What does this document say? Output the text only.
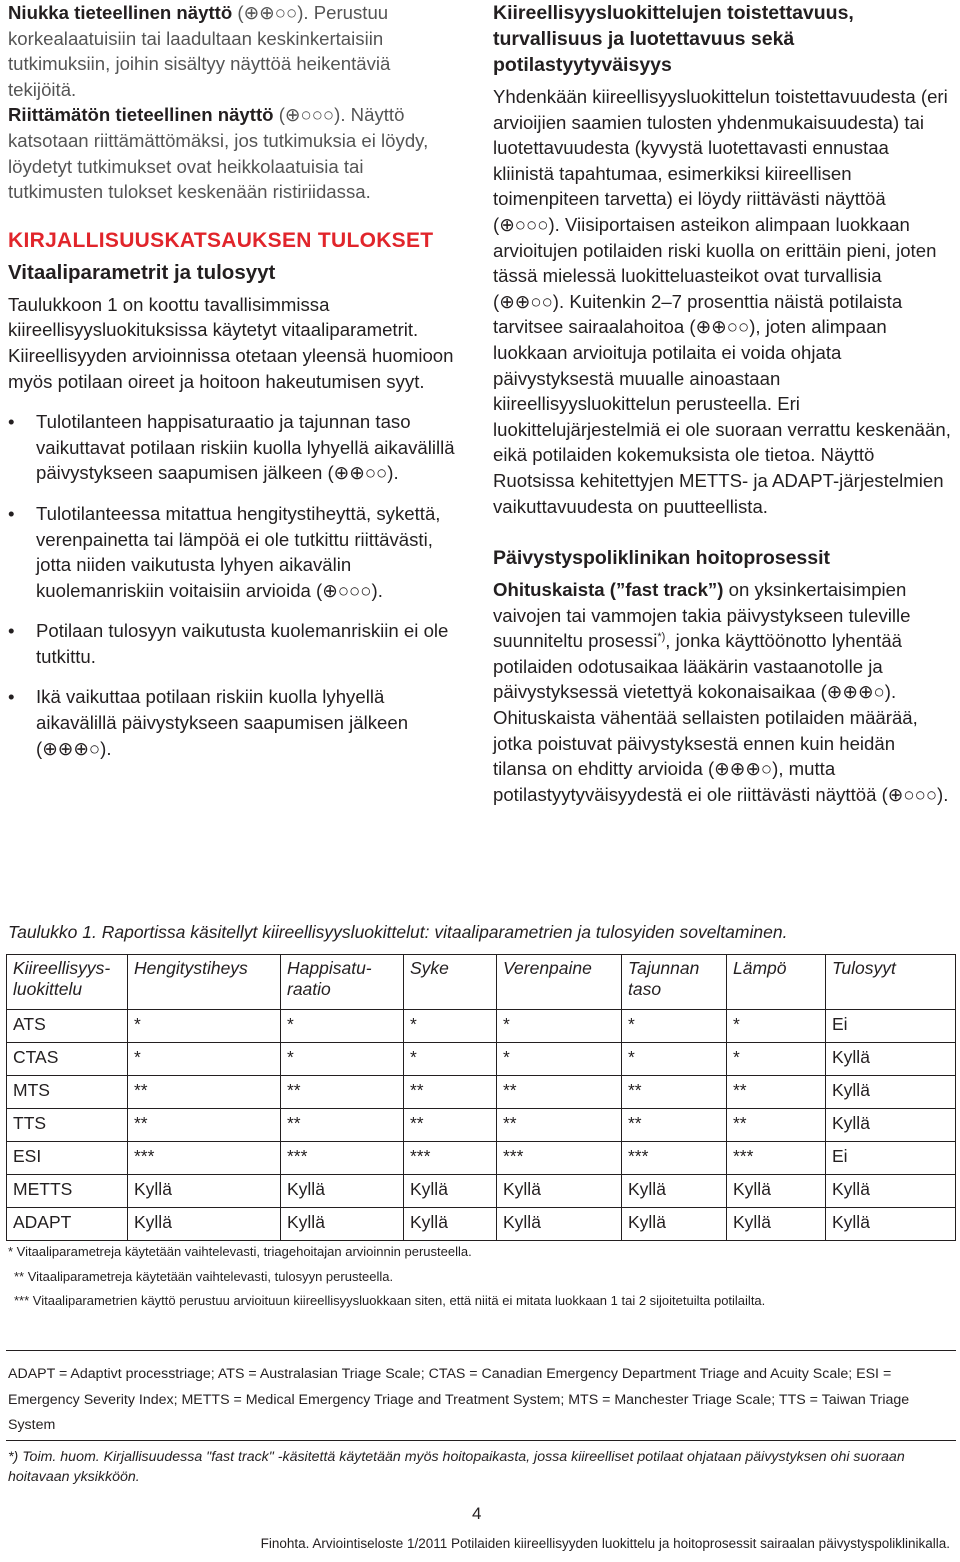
Niukka tieteellinen näyttö (⊕⊕○○). Perustuu korkealaatuisiin tai laadultaan keskinkertaisiin tutkimuksiin, joihin sisältyy näyttöä heikentäviä tekijöitä.

Riittämätön tieteellinen näyttö (⊕○○○). Näyttö katsotaan riittämättömäksi, jos tutkimuksia ei löydy, löydetyt tutkimukset ovat heikkolaatuisia tai tutkimusten tulokset keskenään ristiriidassa.

KIRJALLISUUSKATSAUKSEN TULOKSET
Vitaaliparametrit ja tulosyyt

Taulukkoon 1 on koottu tavallisimmissa kiireellisyysluokituksissa käytetyt vitaaliparametrit. Kiireellisyyden arvioinnissa otetaan yleensä huomioon myös potilaan oireet ja hoitoon hakeutumisen syyt.

• Tulotilanteen happisaturaatio ja tajunnan taso vaikuttavat potilaan riskiin kuolla lyhyellä aikavälillä päivystykseen saapumisen jälkeen (⊕⊕○○).
• Tulotilanteessa mitattua hengitystiheyttä, sykettä, verenpainetta tai lämpöä ei ole tutkittu riittävästi, jotta niiden vaikutusta lyhyen aikavälin kuolemanriskiin voitaisiin arvioida (⊕○○○).
• Potilaan tulosyyn vaikutusta kuolemanriskiin ei ole tutkittu.
• Ikä vaikuttaa potilaan riskiin kuolla lyhyellä aikavälillä päivystykseen saapumisen jälkeen (⊕⊕⊕○).
Kiireellisyysluokittelujen toistettavuus, turvallisuus ja luotettavuus sekä potilastyytyväisyys

Yhdenkään kiireellisyysluokittelun toistettavuudesta (eri arvioijien saamien tulosten yhdenmukaisuudesta) tai luotettavuudesta (kyvystä luotettavasti ennustaa kliinistä tapahtumaa, esimerkiksi kiireellisen toimenpiteen tarvetta) ei löydy riittävästi näyttöä (⊕○○○). Viisiportaisen asteikon alimpaan luokkaan arvioitujen potilaiden riski kuolla on erittäin pieni, joten tässä mielessä luokitteluasteikot ovat turvallisia (⊕⊕○○). Kuitenkin 2–7 prosenttia näistä potilaista tarvitsee sairaalahoitoa (⊕⊕○○), joten alimpaan luokkaan arvioituja potilaita ei voida ohjata päivystyksestä muualle ainoastaan kiireellisyysluokittelun perusteella. Eri luokittelujärjestelmiä ei ole suoraan verrattu keskenään, eikä potilaiden kokemuksista ole tietoa. Näyttö Ruotsissa kehitettyjen METTS- ja ADAPT-järjestelmien vaikuttavuudesta on puutteellista.

Päivystyspoliklinikan hoitoprosessit

Ohituskaista (”fast track”) on yksinkertaisimpien vaivojen tai vammojen takia päivystykseen tuleville suunniteltu prosessi*), jonka käyttöönotto lyhentää potilaiden odotusaikaa lääkärin vastaanotolle ja päivystyksessä vietettyä kokonaisaikaa (⊕⊕⊕○). Ohituskaista vähentää sellaisten potilaiden määrää, jotka poistuvat päivystyksestä ennen kuin heidän tilansa on ehditty arvioida (⊕⊕⊕○), mutta potilastyytyväisyydestä ei ole riittävästi näyttöä (⊕○○○).

Taulukko 1. Raportissa käsitellyt kiireellisyysluokittelut: vitaaliparametrien ja tulosyiden soveltaminen.
Kiireellisyys-luokittelu	Hengitystiheys	Happisatu-raatio	Syke	Verenpaine	Tajunnan taso	Lämpö	Tulosyyt
ATS	*	*	*	*	*	*	Ei
CTAS	*	*	*	*	*	*	Kyllä
MTS	**	**	**	**	**	**	Kyllä
TTS	**	**	**	**	**	**	Kyllä
ESI	***	***	***	***	***	***	Ei
METTS	Kyllä	Kyllä	Kyllä	Kyllä	Kyllä	Kyllä	Kyllä
ADAPT	Kyllä	Kyllä	Kyllä	Kyllä	Kyllä	Kyllä	Kyllä
* Vitaaliparametreja käytetään vaihtelevasti, triagehoitajan arvioinnin perusteella.
** Vitaaliparametreja käytetään vaihtelevasti, tulosyyn perusteella.
*** Vitaaliparametrien käyttö perustuu arvioituun kiireellisyysluokkaan siten, että niitä ei mitata luokkaan 1 tai 2 sijoitetuilta potilailta.
ADAPT = Adaptivt processtriage; ATS = Australasian Triage Scale; CTAS = Canadian Emergency Department Triage and Acuity Scale; ESI = Emergency Severity Index; METTS = Medical Emergency Triage and Treatment System; MTS = Manchester Triage Scale; TTS = Taiwan Triage System
*) Toim. huom. Kirjallisuudessa "fast track" -käsitettä käytetään myös hoitopaikasta, jossa kiireelliset potilaat ohjataan päivystyksen ohi suoraan hoitavaan yksikköön.
4
Finohta. Arviointiseloste 1/2011 Potilaiden kiireellisyyden luokittelu ja hoitoprosessit sairaalan päivystyspoliklinikalla.
